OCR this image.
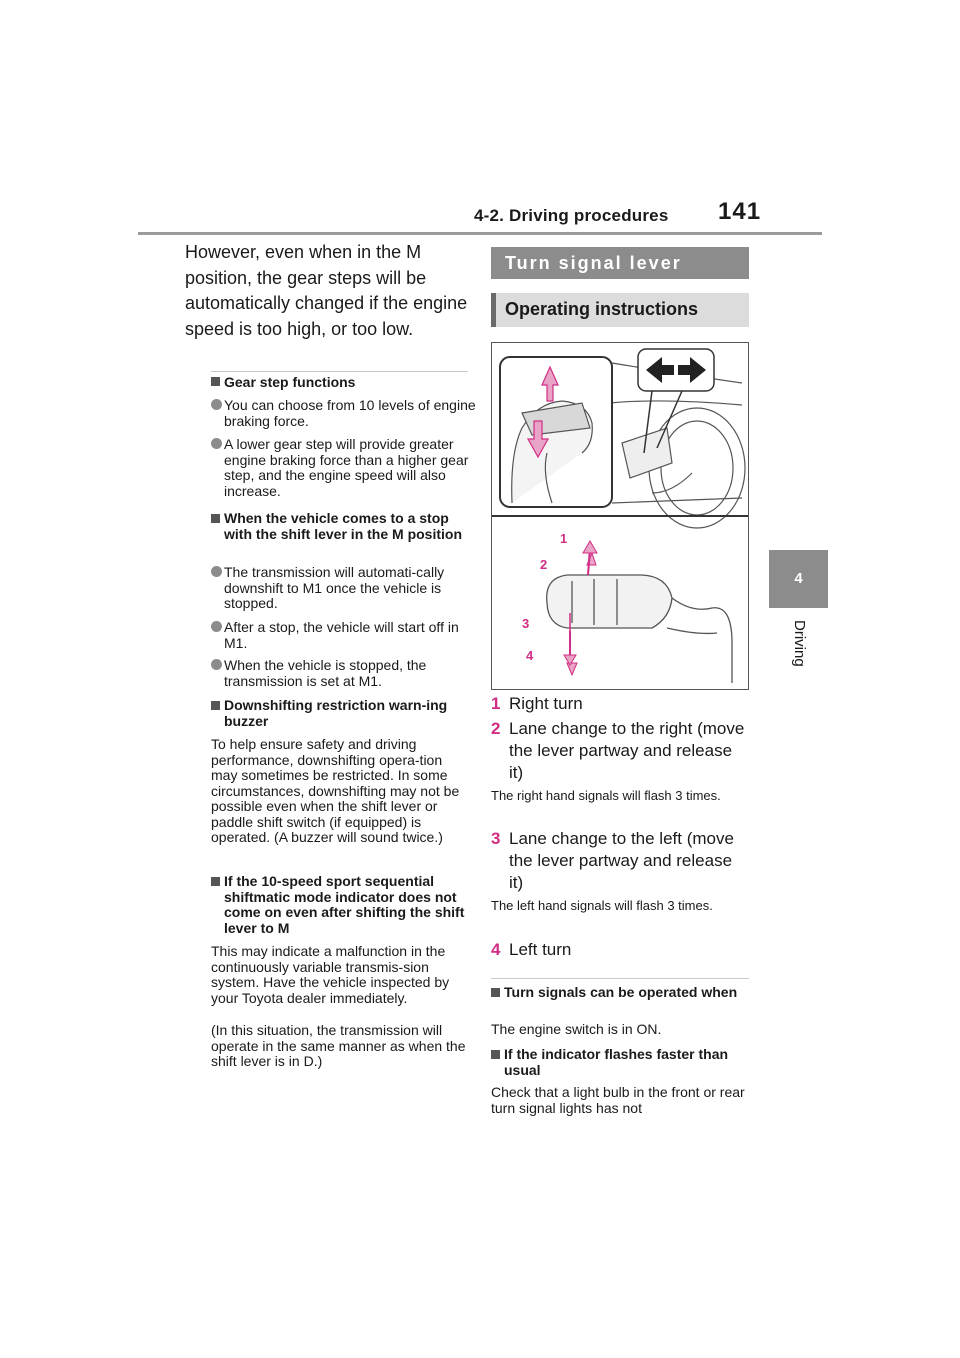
4-2. Driving procedures 141
4
Driving
However, even when in the M position, the gear steps will be automatically changed if the engine speed is too high, or too low.
Gear step functions
You can choose from 10 levels of engine braking force.
A lower gear step will provide greater engine braking force than a higher gear step, and the engine speed will also increase.
When the vehicle comes to a stop with the shift lever in the M position
The transmission will automati-cally downshift to M1 once the vehicle is stopped.
After a stop, the vehicle will start off in M1.
When the vehicle is stopped, the transmission is set at M1.
Downshifting restriction warn-ing buzzer
To help ensure safety and driving performance, downshifting opera-tion may sometimes be restricted. In some circumstances, downshifting may not be possible even when the shift lever or paddle shift switch (if equipped) is operated. (A buzzer will sound twice.)
If the 10-speed sport sequential shiftmatic mode indicator does not come on even after shifting the shift lever to M
This may indicate a malfunction in the continuously variable transmis-sion system. Have the vehicle inspected by your Toyota dealer immediately.
(In this situation, the transmission will operate in the same manner as when the shift lever is in D.)
Turn signal lever
Operating instructions
1
2
3
4
1 Right turn
2 Lane change to the right (move the lever partway and release it)
The right hand signals will flash 3 times.
3 Lane change to the left (move the lever partway and release it)
The left hand signals will flash 3 times.
4 Left turn
Turn signals can be operated when
The engine switch is in ON.
If the indicator flashes faster than usual
Check that a light bulb in the front or rear turn signal lights has not
